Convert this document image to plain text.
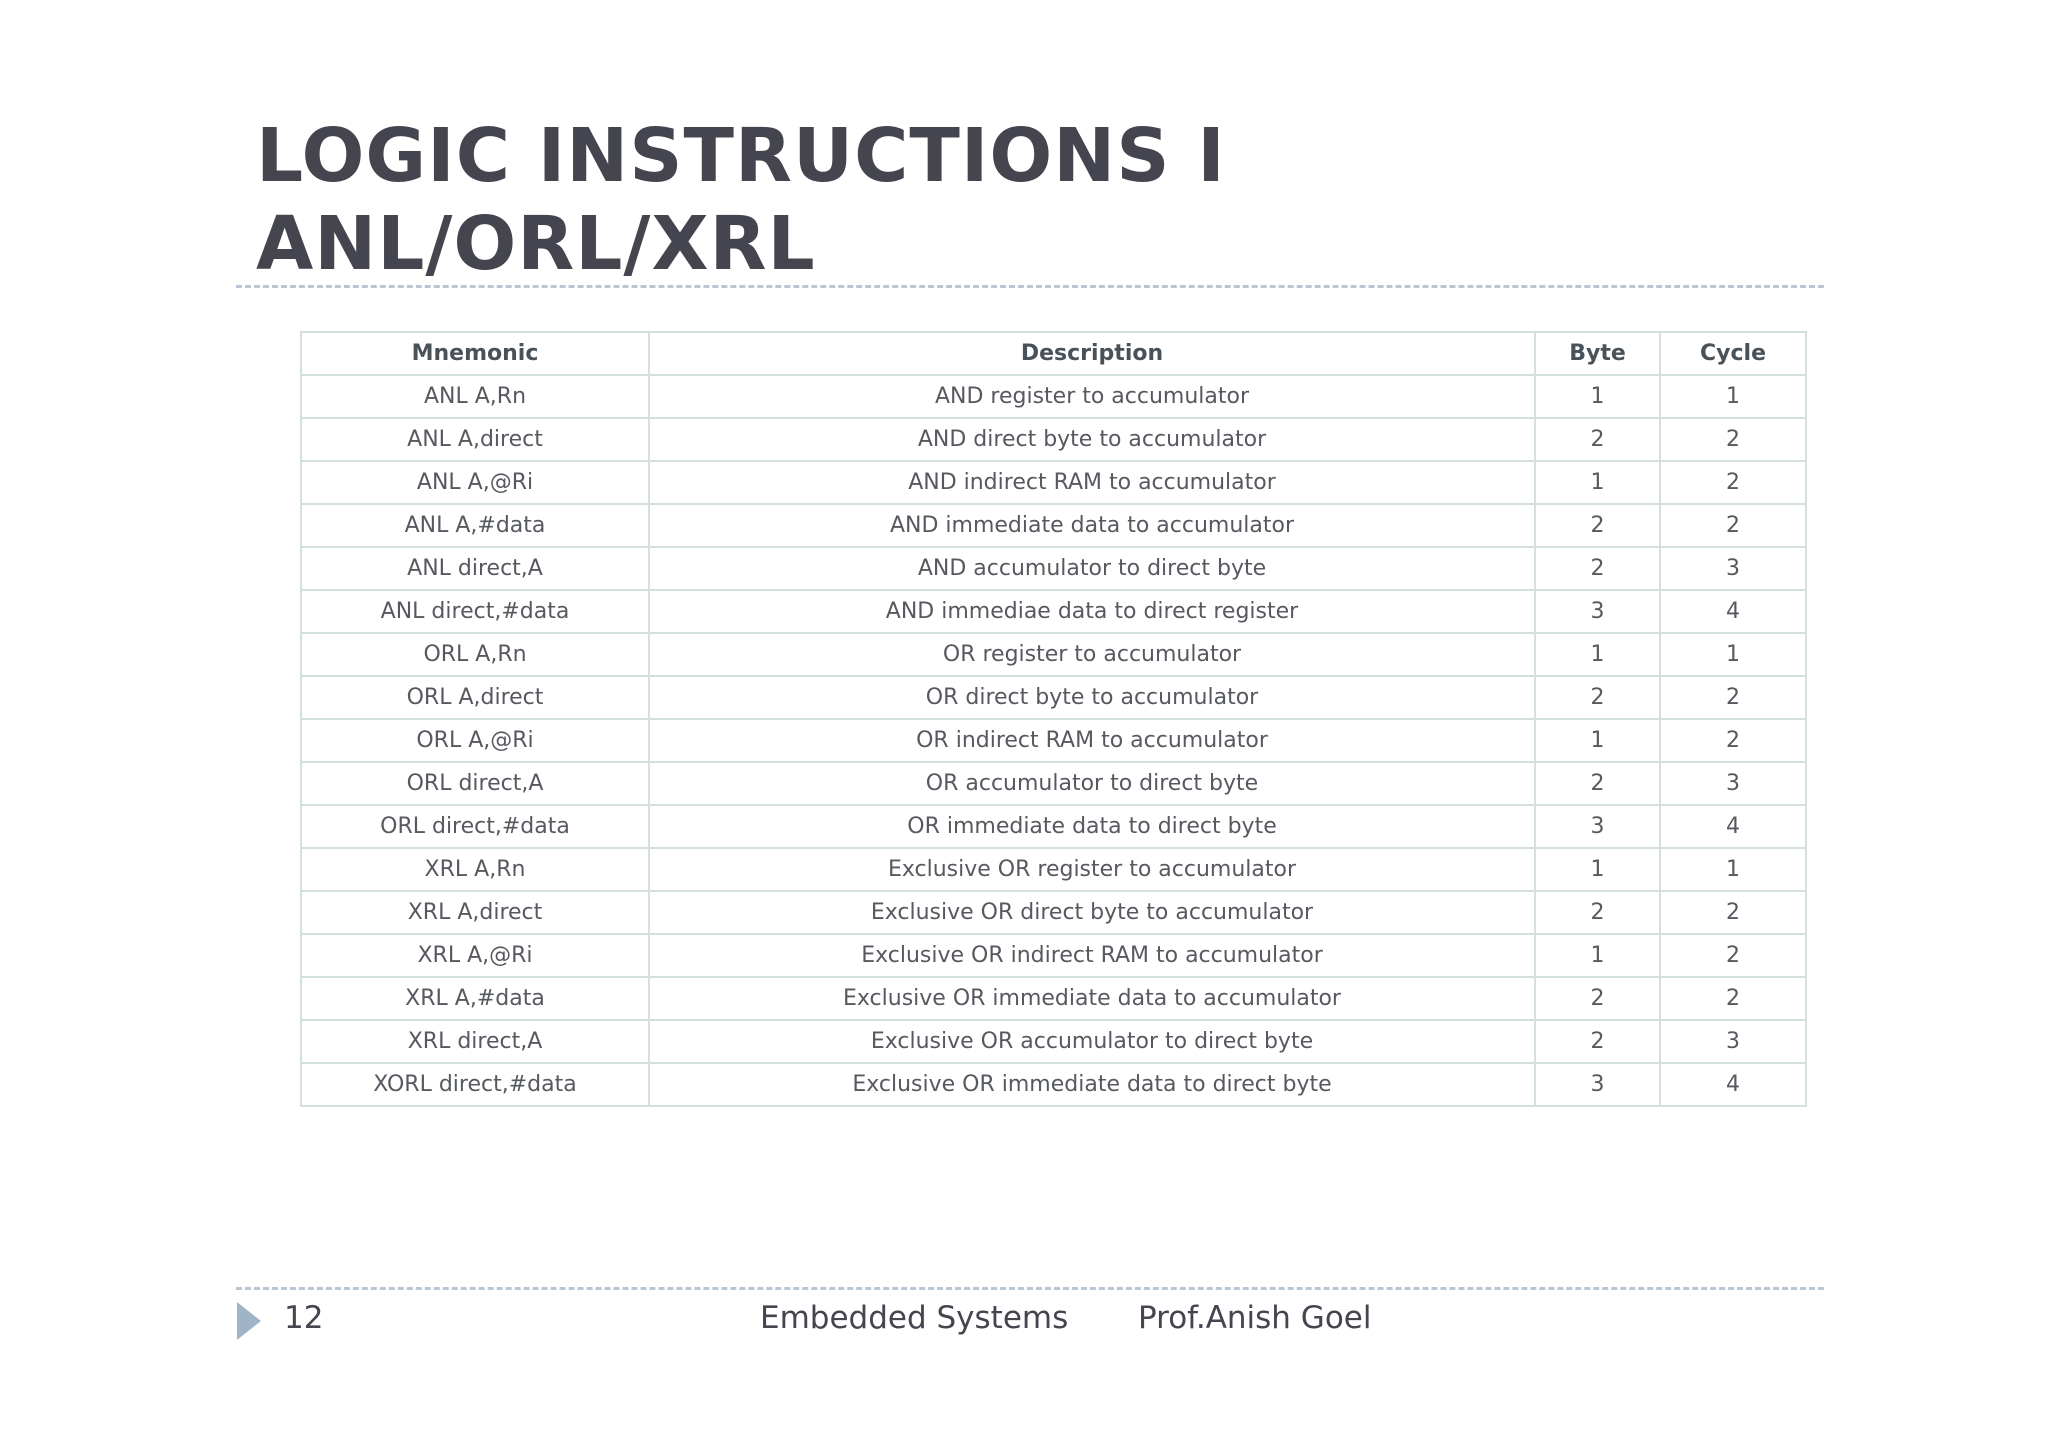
LOGIC INSTRUCTIONS I
ANL/ORL/XRL
Mnemonic	Description	Byte	Cycle
ANL A,Rn	AND register to accumulator	1	1
ANL A,direct	AND direct byte to accumulator	2	2
ANL A,@Ri	AND indirect RAM to accumulator	1	2
ANL A,#data	AND immediate data to accumulator	2	2
ANL direct,A	AND accumulator to direct byte	2	3
ANL direct,#data	AND immediae data to direct register	3	4
ORL A,Rn	OR register to accumulator	1	1
ORL A,direct	OR direct byte to accumulator	2	2
ORL A,@Ri	OR indirect RAM to accumulator	1	2
ORL direct,A	OR accumulator to direct byte	2	3
ORL direct,#data	OR immediate data to direct byte	3	4
XRL A,Rn	Exclusive OR register to accumulator	1	1
XRL A,direct	Exclusive OR direct byte to accumulator	2	2
XRL A,@Ri	Exclusive OR indirect RAM to accumulator	1	2
XRL A,#data	Exclusive OR immediate data to accumulator	2	2
XRL direct,A	Exclusive OR accumulator to direct byte	2	3
XORL direct,#data	Exclusive OR immediate data to direct byte	3	4
12	Embedded Systems Prof.Anish Goel
